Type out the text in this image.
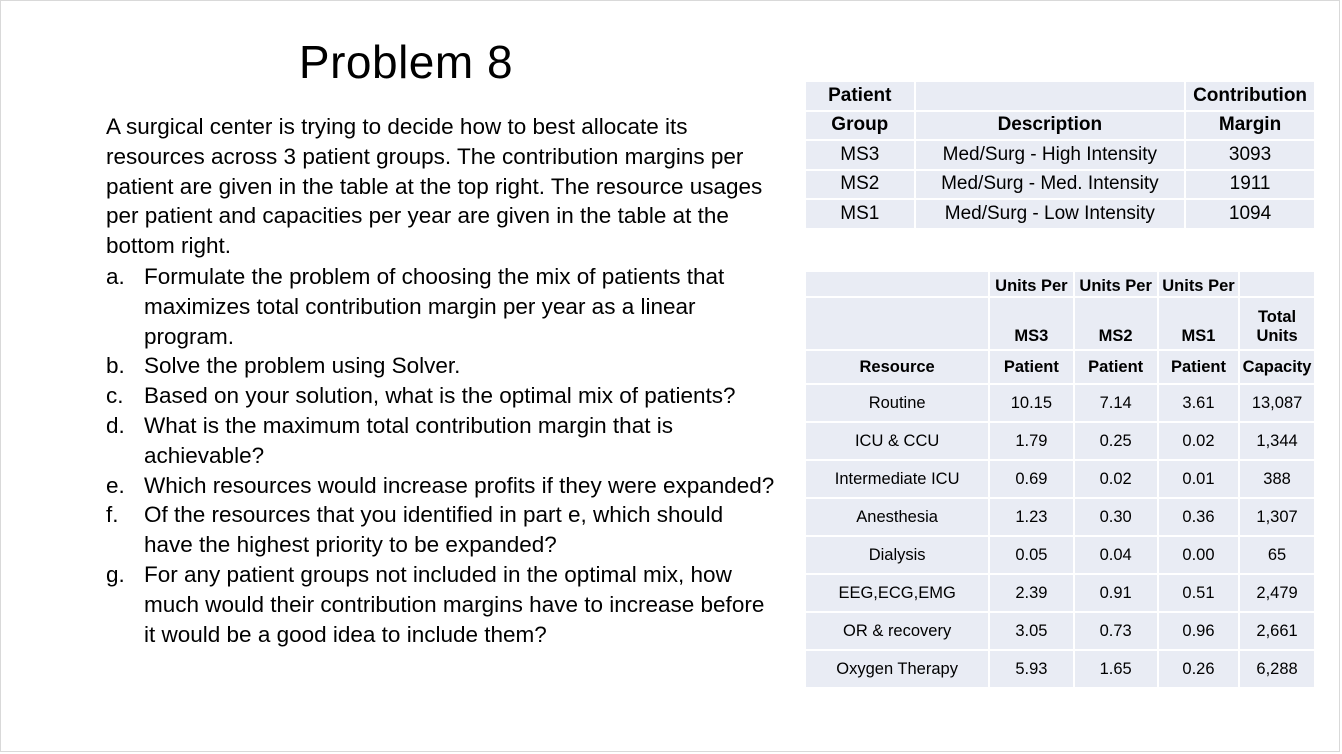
Problem 8

A surgical center is trying to decide how to best allocate its resources across 3 patient groups. The contribution margins per patient are given in the table at the top right. The resource usages per patient and capacities per year are given in the table at the bottom right.

a. Formulate the problem of choosing the mix of patients that maximizes total contribution margin per year as a linear program.
b. Solve the problem using Solver.
c. Based on your solution, what is the optimal mix of patients?
d. What is the maximum total contribution margin that is achievable?
e. Which resources would increase profits if they were expanded?
f. Of the resources that you identified in part e, which should have the highest priority to be expanded?
g. For any patient groups not included in the optimal mix, how much would their contribution margins have to increase before it would be a good idea to include them?
Patient		Contribution
Group	Description	Margin
MS3	Med/Surg - High Intensity	3093
MS2	Med/Surg - Med. Intensity	1911
MS1	Med/Surg - Low Intensity	1094
	Units Per	Units Per	Units Per	
	MS3	MS2	MS1	Total
Units

Resource	Patient	Patient	Patient	Capacity
Routine	10.15	7.14	3.61	13,087
ICU & CCU	1.79	0.25	0.02	1,344
Intermediate ICU	0.69	0.02	0.01	388
Anesthesia	1.23	0.30	0.36	1,307
Dialysis	0.05	0.04	0.00	65
EEG,ECG,EMG	2.39	0.91	0.51	2,479
OR & recovery	3.05	0.73	0.96	2,661
Oxygen Therapy	5.93	1.65	0.26	6,288
